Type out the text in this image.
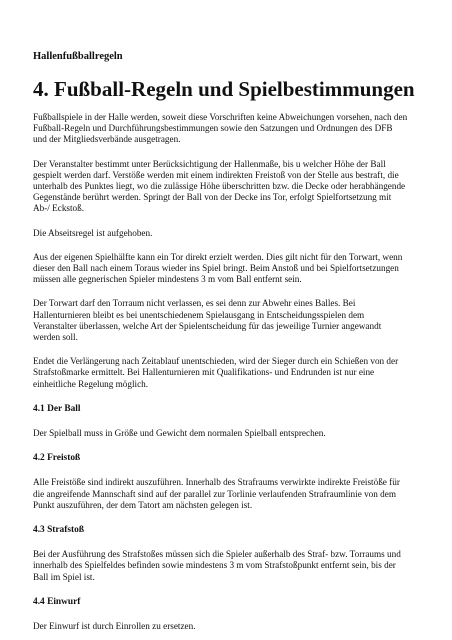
Hallenfußballregeln

4. Fußball-Regeln und Spielbestimmungen

Fußballspiele in der Halle werden, soweit diese Vorschriften keine Abweichungen vorsehen, nach den Fußball-Regeln und Durchführungsbestimmungen sowie den Satzungen und Ordnungen des DFB und der Mitgliedsverbände ausgetragen.

Der Veranstalter bestimmt unter Berücksichtigung der Hallenmaße, bis u welcher Höhe der Ball gespielt werden darf. Verstöße werden mit einem indirekten Freistoß von der Stelle aus bestraft, die unterhalb des Punktes liegt, wo die zulässige Höhe überschritten bzw. die Decke oder herabhängende Gegenstände berührt werden. Springt der Ball von der Decke ins Tor, erfolgt Spielfortsetzung mit Ab-/ Eckstoß.

Die Abseitsregel ist aufgehoben.

Aus der eigenen Spielhälfte kann ein Tor direkt erzielt werden. Dies gilt nicht für den Torwart, wenn dieser den Ball nach einem Toraus wieder ins Spiel bringt. Beim Anstoß und bei Spielfortsetzungen müssen alle gegnerischen Spieler mindestens 3 m vom Ball entfernt sein.

Der Torwart darf den Torraum nicht verlassen, es sei denn zur Abwehr eines Balles. Bei Hallenturnieren bleibt es bei unentschiedenem Spielausgang in Entscheidungsspielen dem Veranstalter überlassen, welche Art der Spielentscheidung für das jeweilige Turnier angewandt werden soll.

Endet die Verlängerung nach Zeitablauf unentschieden, wird der Sieger durch ein Schießen von der Strafstoßmarke ermittelt. Bei Hallenturnieren mit Qualifikations- und Endrunden ist nur eine einheitliche Regelung möglich.

4.1 Der Ball

Der Spielball muss in Größe und Gewicht dem normalen Spielball entsprechen.

4.2 Freistoß

Alle Freistöße sind indirekt auszuführen. Innerhalb des Strafraums verwirkte indirekte Freistöße für die angreifende Mannschaft sind auf der parallel zur Torlinie verlaufenden Strafraumlinie von dem Punkt auszuführen, der dem Tatort am nächsten gelegen ist.

4.3 Strafstoß

Bei der Ausführung des Strafstoßes müssen sich die Spieler außerhalb des Straf- bzw. Torraums und innerhalb des Spielfeldes befinden sowie mindestens 3 m vom Strafstoßpunkt entfernt sein, bis der Ball im Spiel ist.

4.4 Einwurf

Der Einwurf ist durch Einrollen zu ersetzen.
